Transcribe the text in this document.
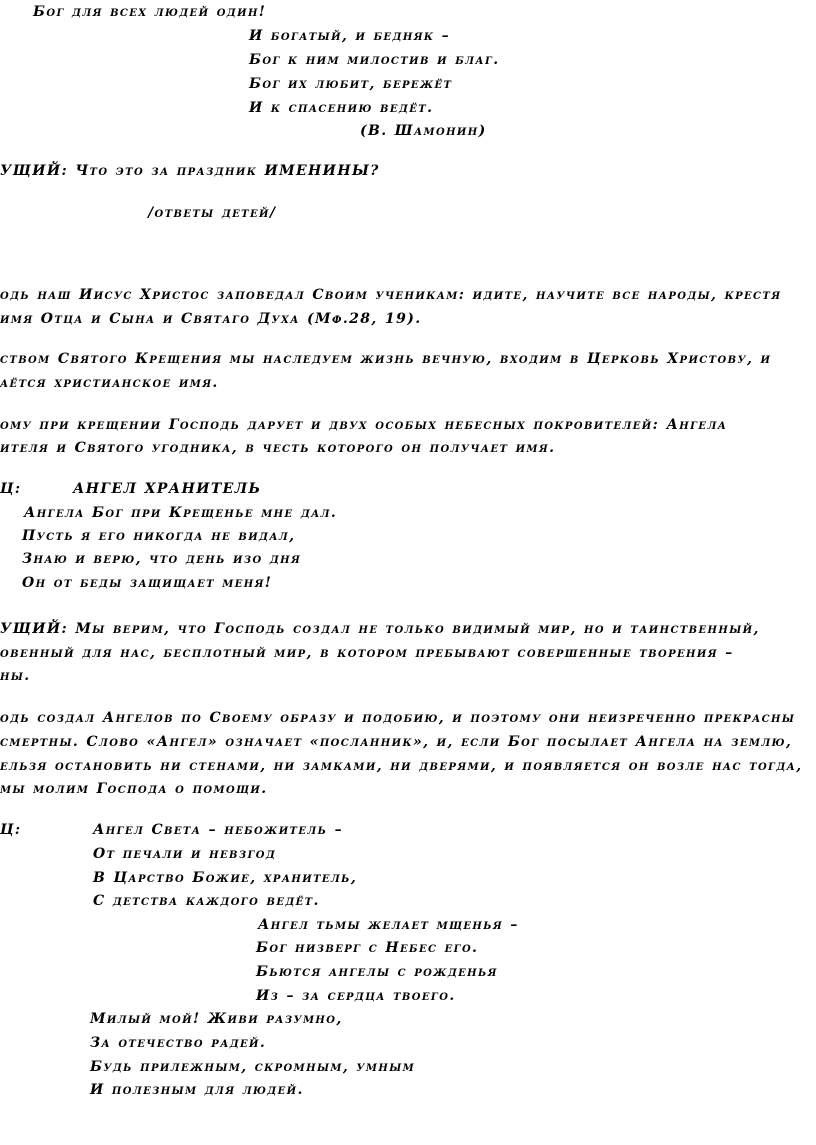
Бог для всех людей один!
И богатый, и бедняк –
Бог к ним милостив и благ.
Бог их любит, бережёт
И к спасению ведёт.
(В. Шамонин)
УЩИЙ: Что это за праздник ИМЕНИНЫ?
/ответы детей/
одь наш Иисус Христос заповедал Своим ученикам: идите, научите все народы, крестя
имя Отца и Сына и Святаго Духа (Мф.28, 19).
ством Святого Крещения мы наследуем жизнь вечную, входим в Церковь Христову, и
аётся христианское имя.
ому при крещении Господь дарует и двух особых небесных покровителей: Ангела
ителя и Святого угодника, в честь которого он получает имя.
Ц:	АНГЕЛ ХРАНИТЕЛЬ
Ангела Бог при Крещенье мне дал.
Пусть я его никогда не видал,
Знаю и верю, что день изо дня
Он от беды защищает меня!
УЩИЙ: Мы верим, что Господь создал не только видимый мир, но и таинственный,
овенный для нас, бесплотный мир, в котором пребывают совершенные творения –
ны.
одь создал Ангелов по Своему образу и подобию, и поэтому они неизреченно прекрасны
смертны. Слово «Ангел» означает «посланник», и, если Бог посылает Ангела на землю,
ельзя остановить ни стенами, ни замками, ни дверями, и появляется он возле нас тогда,
мы молим Господа о помощи.
Ц:	Ангел Света – небожитель –
От печали и невзгод
В Царство Божие, хранитель,
С детства каждого ведёт.
Ангел тьмы желает мщенья –
Бог низверг с Небес его.
Бьются ангелы с рожденья
Из – за сердца твоего.
Милый мой! Живи разумно,
За отечество радей.
Будь прилежным, скромным, умным
И полезным для людей.
